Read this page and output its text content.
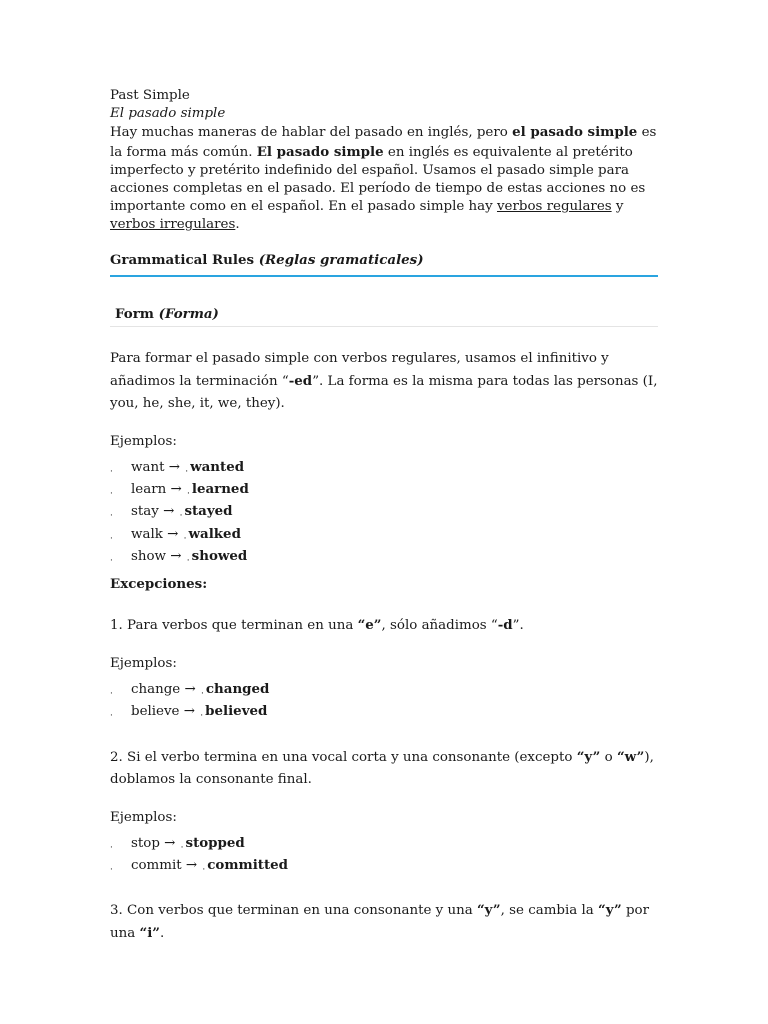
Past Simple
El pasado simple

Hay muchas maneras de hablar del pasado en inglés, pero el pasado simple es la forma más común. El pasado simple en inglés es equivalente al pretérito imperfecto y pretérito indefinido del español. Usamos el pasado simple para acciones completas en el pasado. El período de tiempo de estas acciones no es importante como en el español. En el pasado simple hay verbos regulares y verbos irregulares.

Grammatical Rules (Reglas gramaticales)
Form (Forma)

Para formar el pasado simple con verbos regulares, usamos el infinitivo y añadimos la terminación “-ed”. La forma es la misma para todas las personas (I, you, he, she, it, we, they).

Ejemplos:
· want → $_\cdot$ wanted
· learn → $_\cdot$ learned
· stay → $_\cdot$ stayed
· walk → $_\cdot$ walked
· show → $_\cdot$ showed
Excepciones:

1. Para verbos que terminan en una “e”, sólo añadimos “-d”.

Ejemplos:
· change → $_\cdot$ changed
· believe → $_\cdot$ believed

2. Si el verbo termina en una vocal corta y una consonante (excepto “y” o “w”), doblamos la consonante final.

Ejemplos:
· stop → $_\cdot$ stopped
· commit → $_\cdot$ committed

3. Con verbos que terminan en una consonante y una “y”, se cambia la “y” por una “i”.
